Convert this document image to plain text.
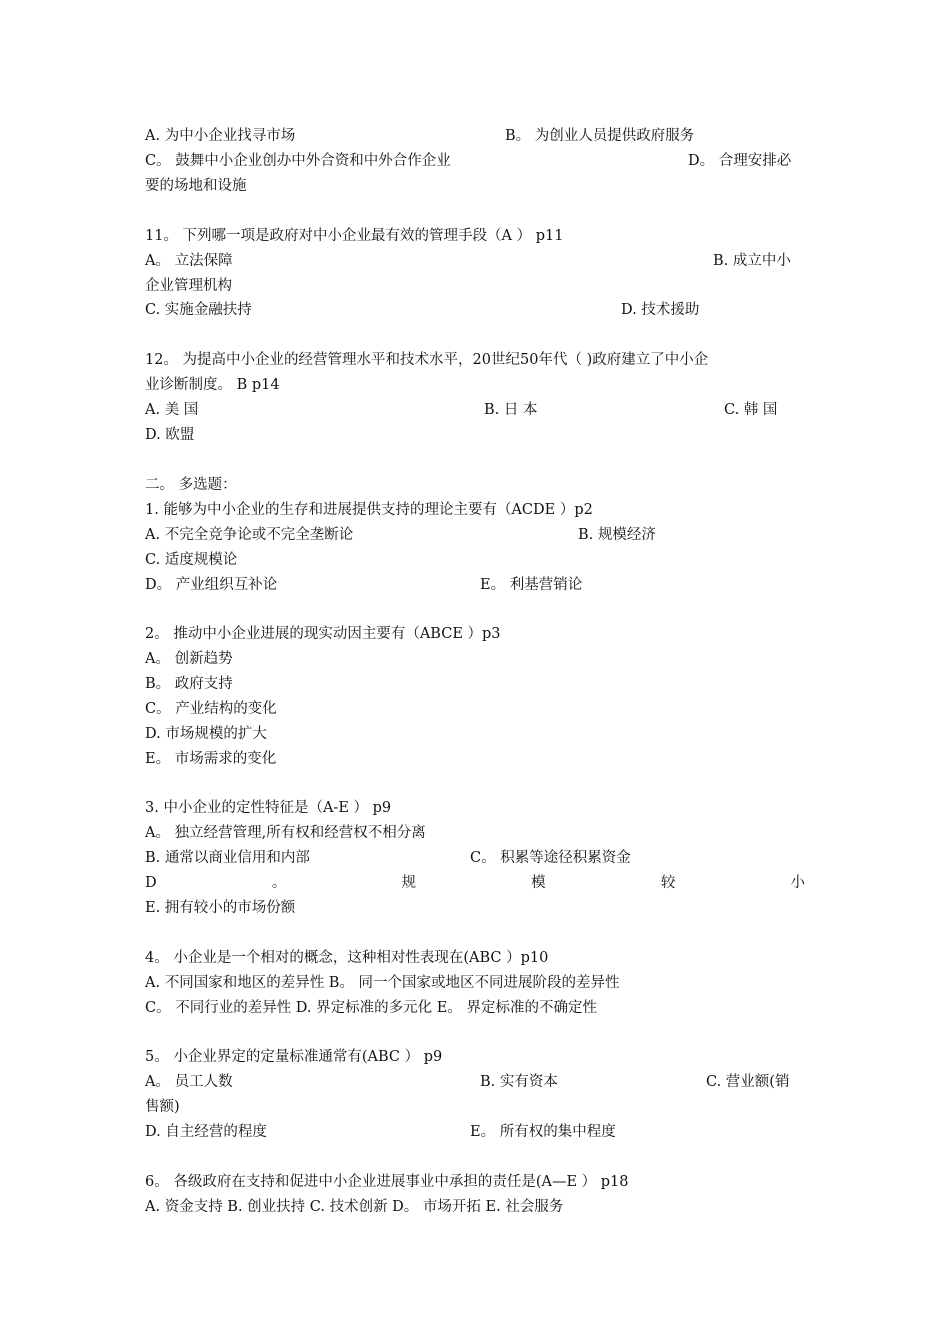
A. 为中小企业找寻市场	B。 为创业人员提供政府服务
C。 鼓舞中小企业创办中外合资和中外合作企业	D。 合理安排必
要的场地和设施
11。 下列哪一项是政府对中小企业最有效的管理手段（A ） p11
A。 立法保障	B. 成立中小
企业管理机构
C. 实施金融扶持	D. 技术援助
12。 为提高中小企业的经营管理水平和技术水平，20世纪50年代（ )政府建立了中小企
业诊断制度。 B p14
A. 美 国	B. 日 本	C. 韩 国
D. 欧盟
二。 多选题：
1. 能够为中小企业的生存和进展提供支持的理论主要有（ACDE ）p2
A. 不完全竞争论或不完全垄断论	B. 规模经济
C. 适度规模论
D。 产业组织互补论	E。 利基营销论
2。 推动中小企业进展的现实动因主要有（ABCE ）p3
A。 创新趋势
B。 政府支持
C。 产业结构的变化
D. 市场规模的扩大
E。 市场需求的变化
3. 中小企业的定性特征是（A-E ） p9
A。 独立经营管理,所有权和经营权不相分离
B. 通常以商业信用和内部	C。 积累等途径积累资金
D	。	规	模	较	小
E. 拥有较小的市场份额
4。 小企业是一个相对的概念，这种相对性表现在(ABC ）p10
A. 不同国家和地区的差异性 B。 同一个国家或地区不同进展阶段的差异性
C。 不同行业的差异性 D. 界定标准的多元化 E。 界定标准的不确定性
5。 小企业界定的定量标准通常有(ABC ） p9
A。 员工人数	B. 实有资本	C. 营业额(销
售额)
D. 自主经营的程度	E。 所有权的集中程度
6。 各级政府在支持和促进中小企业进展事业中承担的责任是(A—E ） p18
A. 资金支持 B. 创业扶持 C. 技术创新 D。 市场开拓 E. 社会服务
